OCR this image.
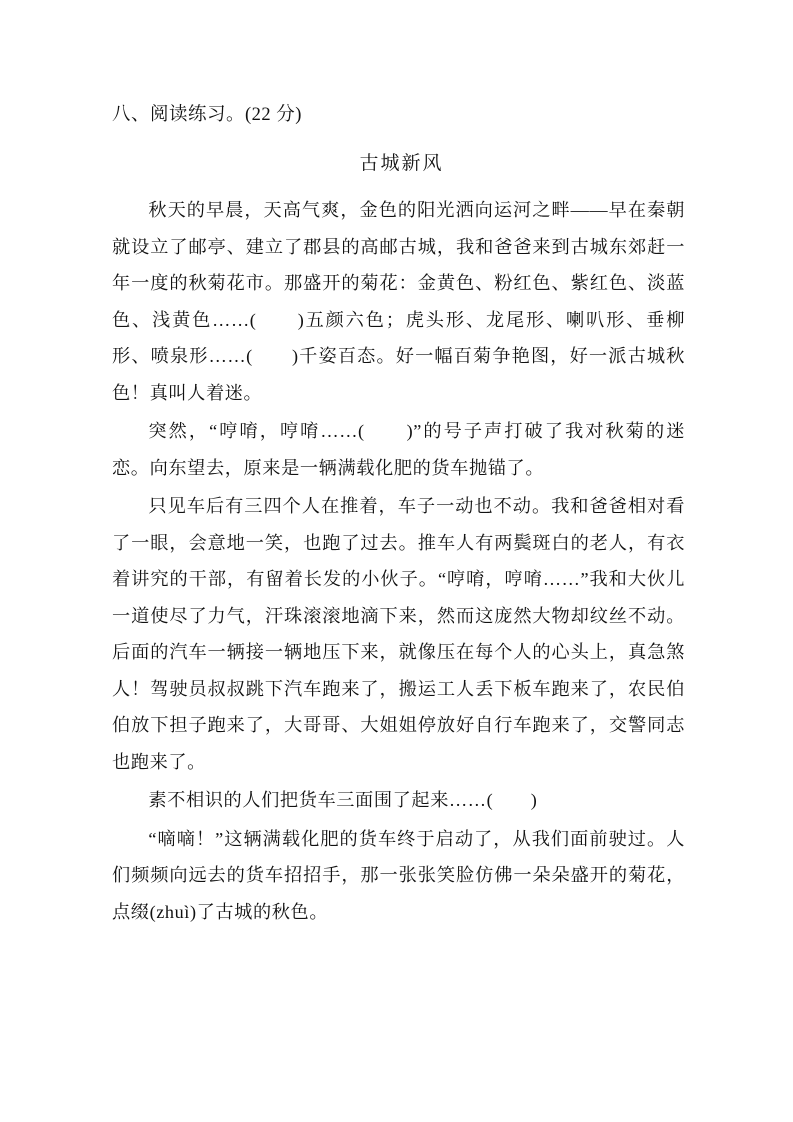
八、阅读练习。(22 分)
古城新风

秋天的早晨，天高气爽，金色的阳光洒向运河之畔——早在秦朝就设立了邮亭、建立了郡县的高邮古城，我和爸爸来到古城东郊赶一年一度的秋菊花市。那盛开的菊花：金黄色、粉红色、紫红色、淡蓝色、浅黄色……(　　)五颜六色；虎头形、龙尾形、喇叭形、垂柳形、喷泉形……(　　)千姿百态。好一幅百菊争艳图，好一派古城秋色！真叫人着迷。

突然，“哼唷，哼唷……(　　)”的号子声打破了我对秋菊的迷恋。向东望去，原来是一辆满载化肥的货车抛锚了。

只见车后有三四个人在推着，车子一动也不动。我和爸爸相对看了一眼，会意地一笑，也跑了过去。推车人有两鬓斑白的老人，有衣着讲究的干部，有留着长发的小伙子。“哼唷，哼唷……”我和大伙儿一道使尽了力气，汗珠滚滚地滴下来，然而这庞然大物却纹丝不动。后面的汽车一辆接一辆地压下来，就像压在每个人的心头上，真急煞人！驾驶员叔叔跳下汽车跑来了，搬运工人丢下板车跑来了，农民伯伯放下担子跑来了，大哥哥、大姐姐停放好自行车跑来了，交警同志也跑来了。

素不相识的人们把货车三面围了起来……(　　)

“嘀嘀！”这辆满载化肥的货车终于启动了，从我们面前驶过。人们频频向远去的货车招招手，那一张张笑脸仿佛一朵朵盛开的菊花，点缀(zhuì)了古城的秋色。
